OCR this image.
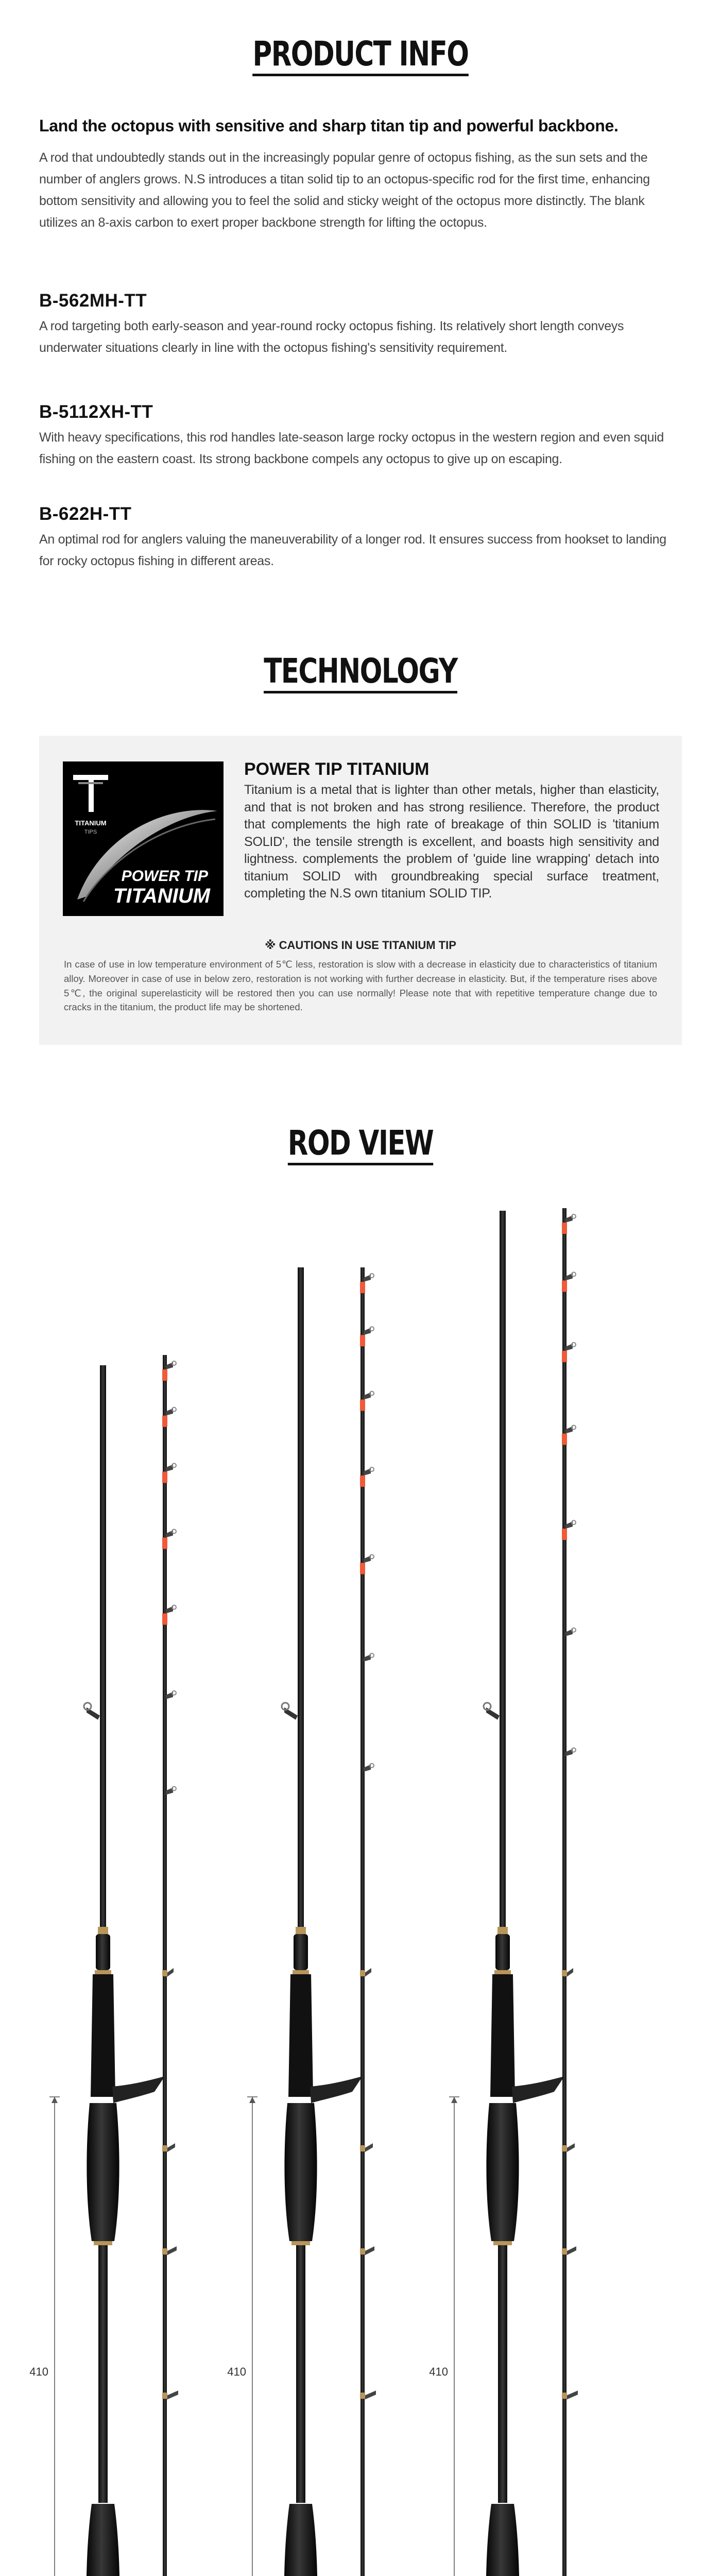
PRODUCT INFO
Land the octopus with sensitive and sharp titan tip and powerful backbone.
A rod that undoubtedly stands out in the increasingly popular genre of octopus fishing, as the sun sets and the number of anglers grows. N.S introduces a titan solid tip to an octopus-specific rod for the first time, enhancing bottom sensitivity and allowing you to feel the solid and sticky weight of the octopus more distinctly. The blank utilizes an 8-axis carbon to exert proper backbone strength for lifting the octopus.
B-562MH-TT

A rod targeting both early-season and year-round rocky octopus fishing. Its relatively short length conveys underwater situations clearly in line with the octopus fishing's sensitivity requirement.

B-5112XH-TT

With heavy specifications, this rod handles late-season large rocky octopus in the western region and even squid fishing on the eastern coast. Its strong backbone compels any octopus to give up on escaping.

B-622H-TT

An optimal rod for anglers valuing the maneuverability of a longer rod. It ensures success from hookset to landing for rocky octopus fishing in different areas.

TECHNOLOGY
TITANIUM
TIPS
POWER TIP
TITANIUM
POWER TIP TITANIUM

Titanium is a metal that is lighter than other metals, higher than elasticity, and that is not broken and has strong resilience. Therefore, the product that complements the high rate of breakage of thin SOLID is 'titanium SOLID', the tensile strength is excellent, and boasts high sensitivity and lightness. complements the problem of 'guide line wrapping' detach into titanium SOLID with groundbreaking special surface treatment, completing the N.S own titanium SOLID TIP.

※ CAUTIONS IN USE TITANIUM TIP
In case of use in low temperature environment of 5℃ less, restoration is slow with a decrease in elasticity due to characteristics of titanium alloy. Moreover in case of use in below zero, restoration is not working with further decrease in elasticity. But, if the temperature rises above 5℃, the original superelasticity will be restored then you can use normally! Please note that with repetitive temperature change due to cracks in the titanium, the product life may be shortened.
ROD VIEW
410	410	410
